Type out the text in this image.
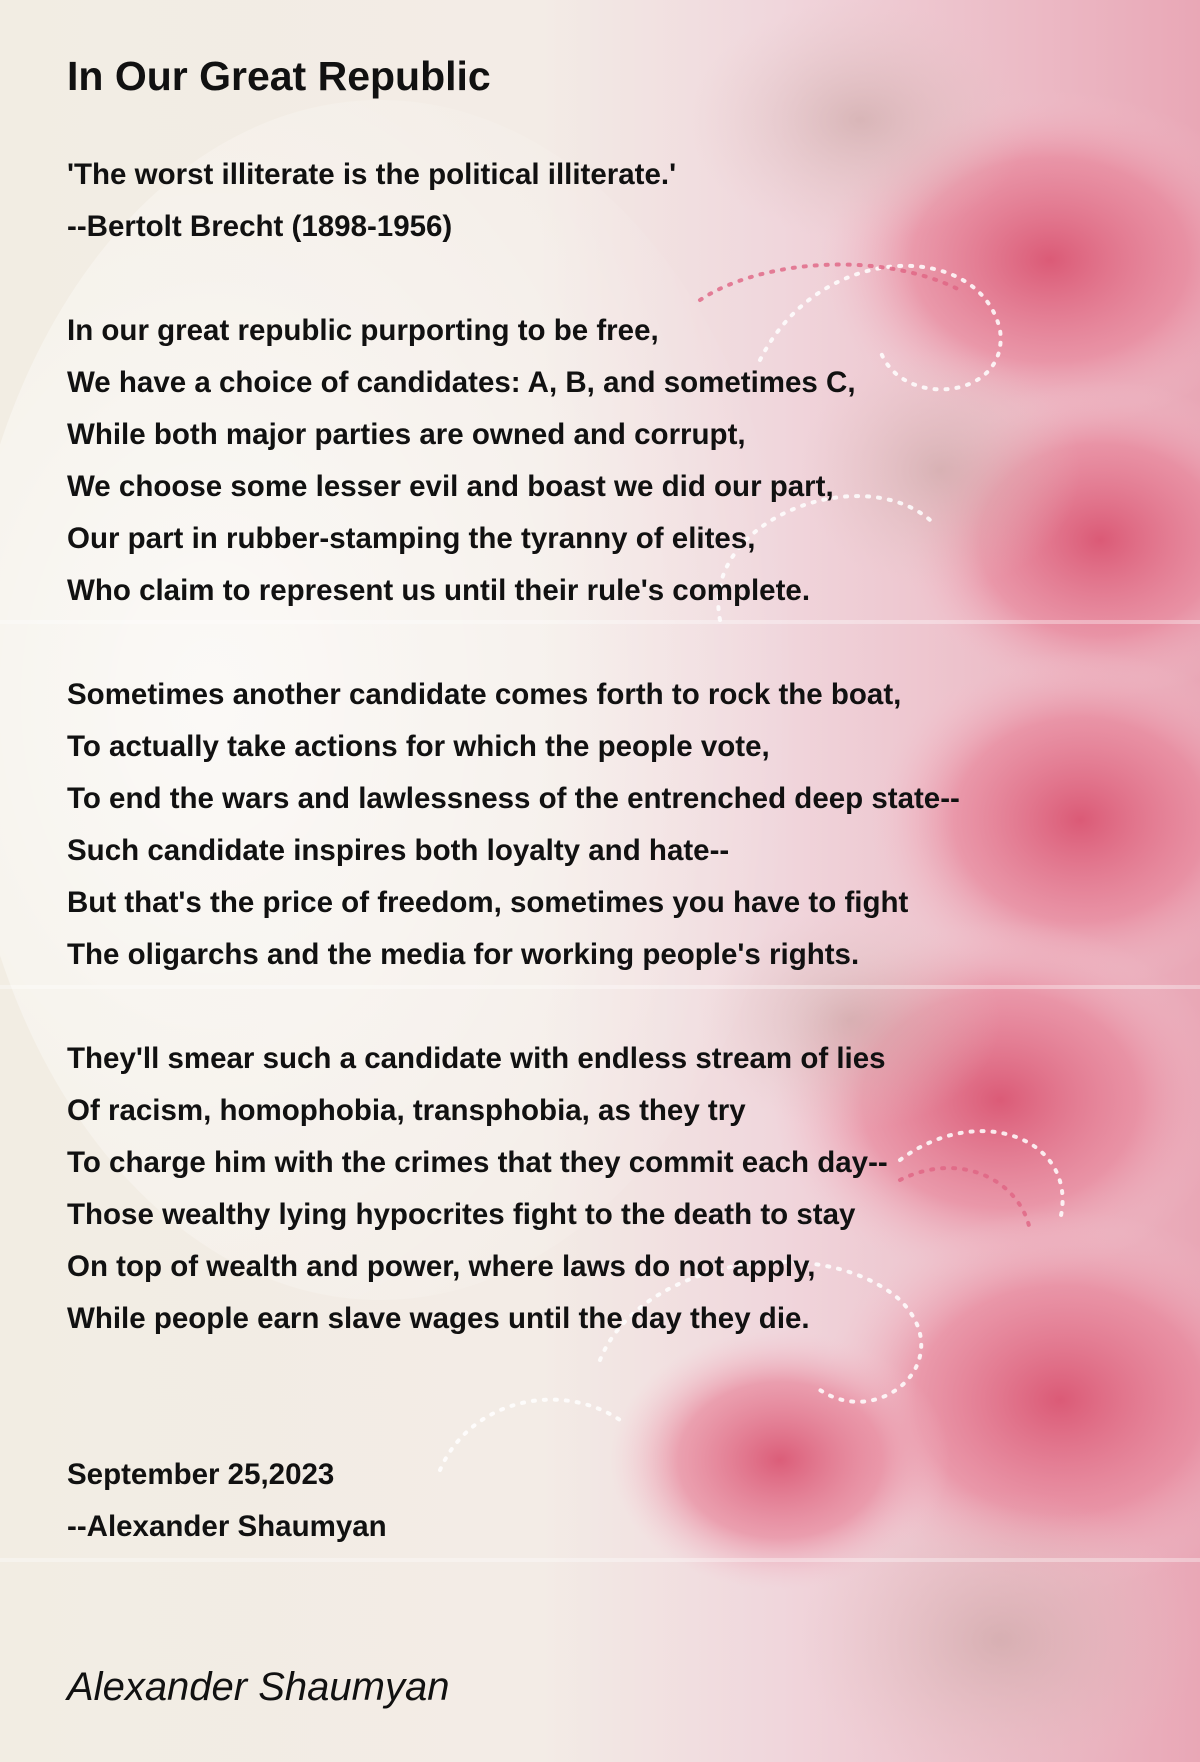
In Our Great Republic
'The worst illiterate is the political illiterate.'
--Bertolt Brecht (1898-1956)
In our great republic purporting to be free,
We have a choice of candidates: A, B, and sometimes C,
While both major parties are owned and corrupt,
We choose some lesser evil and boast we did our part,
Our part in rubber-stamping the tyranny of elites,
Who claim to represent us until their rule's complete.
Sometimes another candidate comes forth to rock the boat,
To actually take actions for which the people vote,
To end the wars and lawlessness of the entrenched deep state--
Such candidate inspires both loyalty and hate--
But that's the price of freedom, sometimes you have to fight
The oligarchs and the media for working people's rights.
They'll smear such a candidate with endless stream of lies
Of racism, homophobia, transphobia, as they try
To charge him with the crimes that they commit each day--
Those wealthy lying hypocrites fight to the death to stay
On top of wealth and power, where laws do not apply,
While people earn slave wages until the day they die.
September 25,2023
--Alexander Shaumyan
Alexander Shaumyan
